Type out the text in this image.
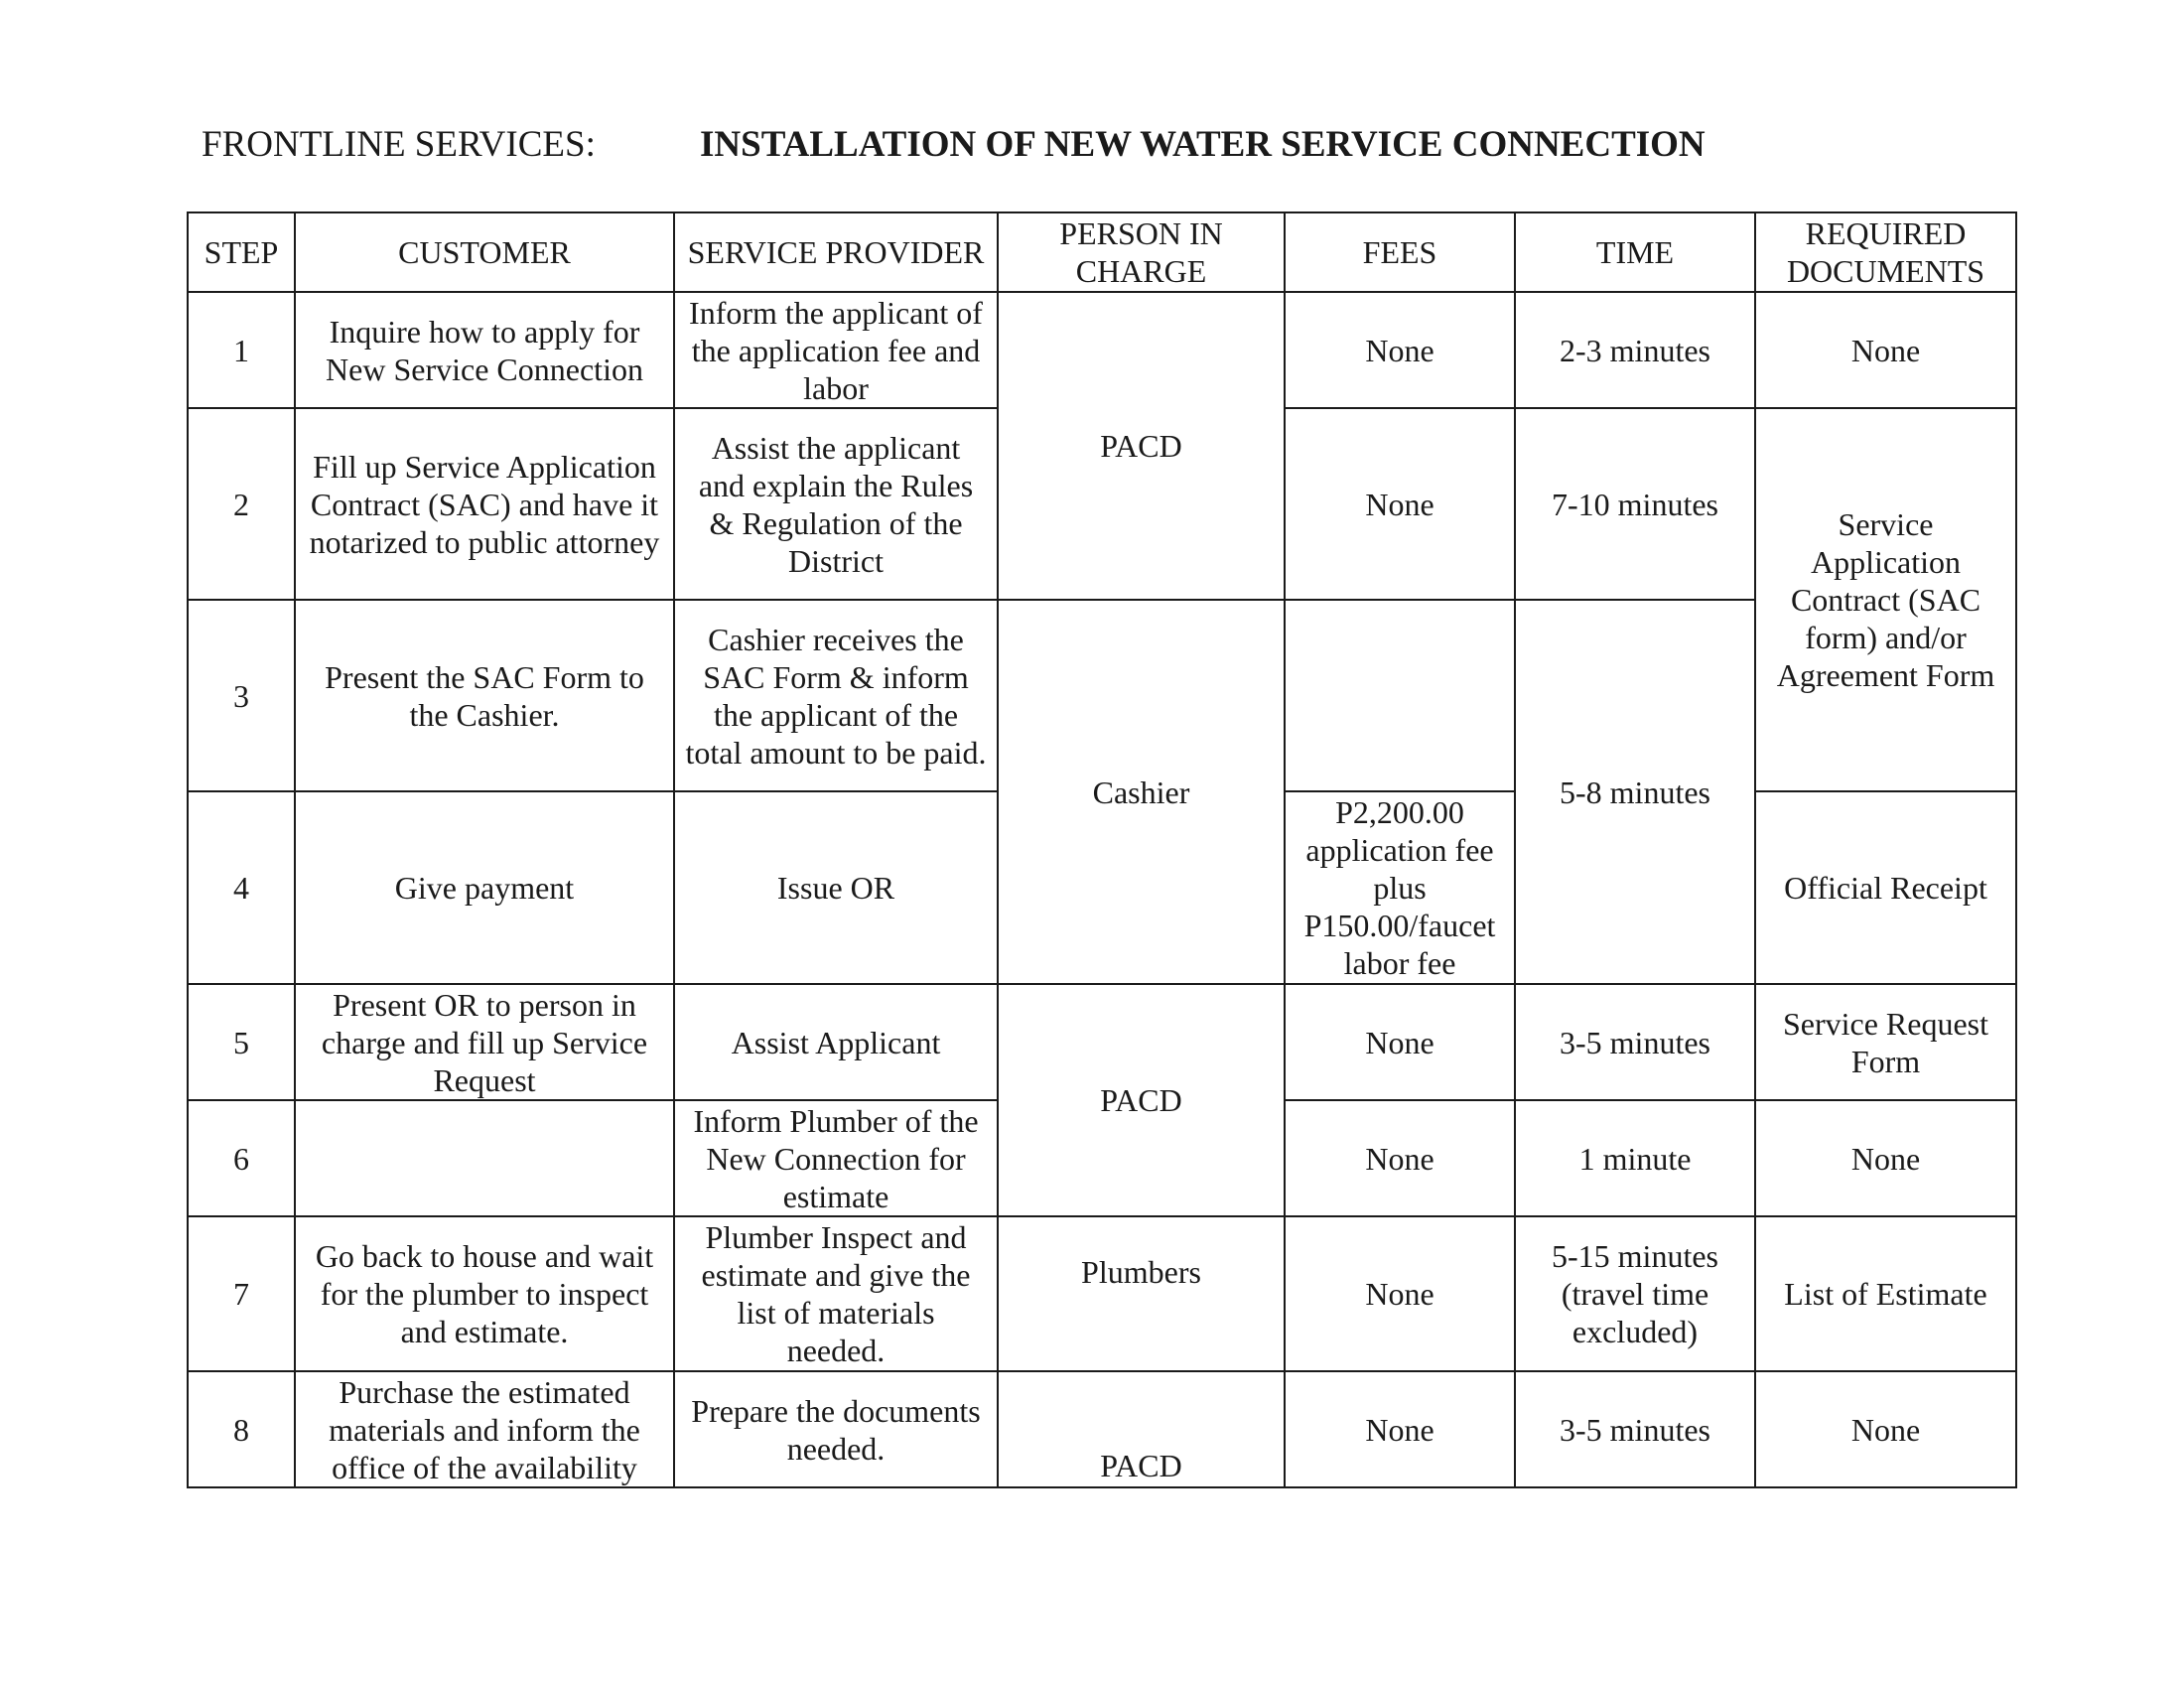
FRONTLINE SERVICES:	INSTALLATION OF NEW WATER SERVICE CONNECTION
STEP	CUSTOMER	SERVICE PROVIDER	PERSON IN CHARGE	FEES	TIME	REQUIRED DOCUMENTS
1	Inquire how to apply for New Service Connection	Inform the applicant of the application fee and labor	PACD	None	2-3 minutes	None
2	Fill up Service Application Contract (SAC) and have it notarized to public attorney	Assist the applicant and explain the Rules & Regulation of the District		None	7-10 minutes	Service Application Contract (SAC form) and/or Agreement Form
3	Present the SAC Form to the Cashier.	Cashier receives the SAC Form & inform the applicant of the total amount to be paid.	Cashier		5-8 minutes	
4	Give payment	Issue OR		P2,200.00 application fee plus P150.00/faucet labor fee		Official Receipt
5	Present OR to person in charge and fill up Service Request	Assist Applicant	PACD	None	3-5 minutes	Service Request Form
6		Inform Plumber of the New Connection for estimate		None	1 minute	None
7	Go back to house and wait for the plumber to inspect and estimate.	Plumber Inspect and estimate and give the list of materials needed.	Plumbers	None	5-15 minutes (travel time excluded)	List of Estimate
8	Purchase the estimated materials and inform the office of the availability	Prepare the documents needed.	PACD	None	3-5 minutes	None
